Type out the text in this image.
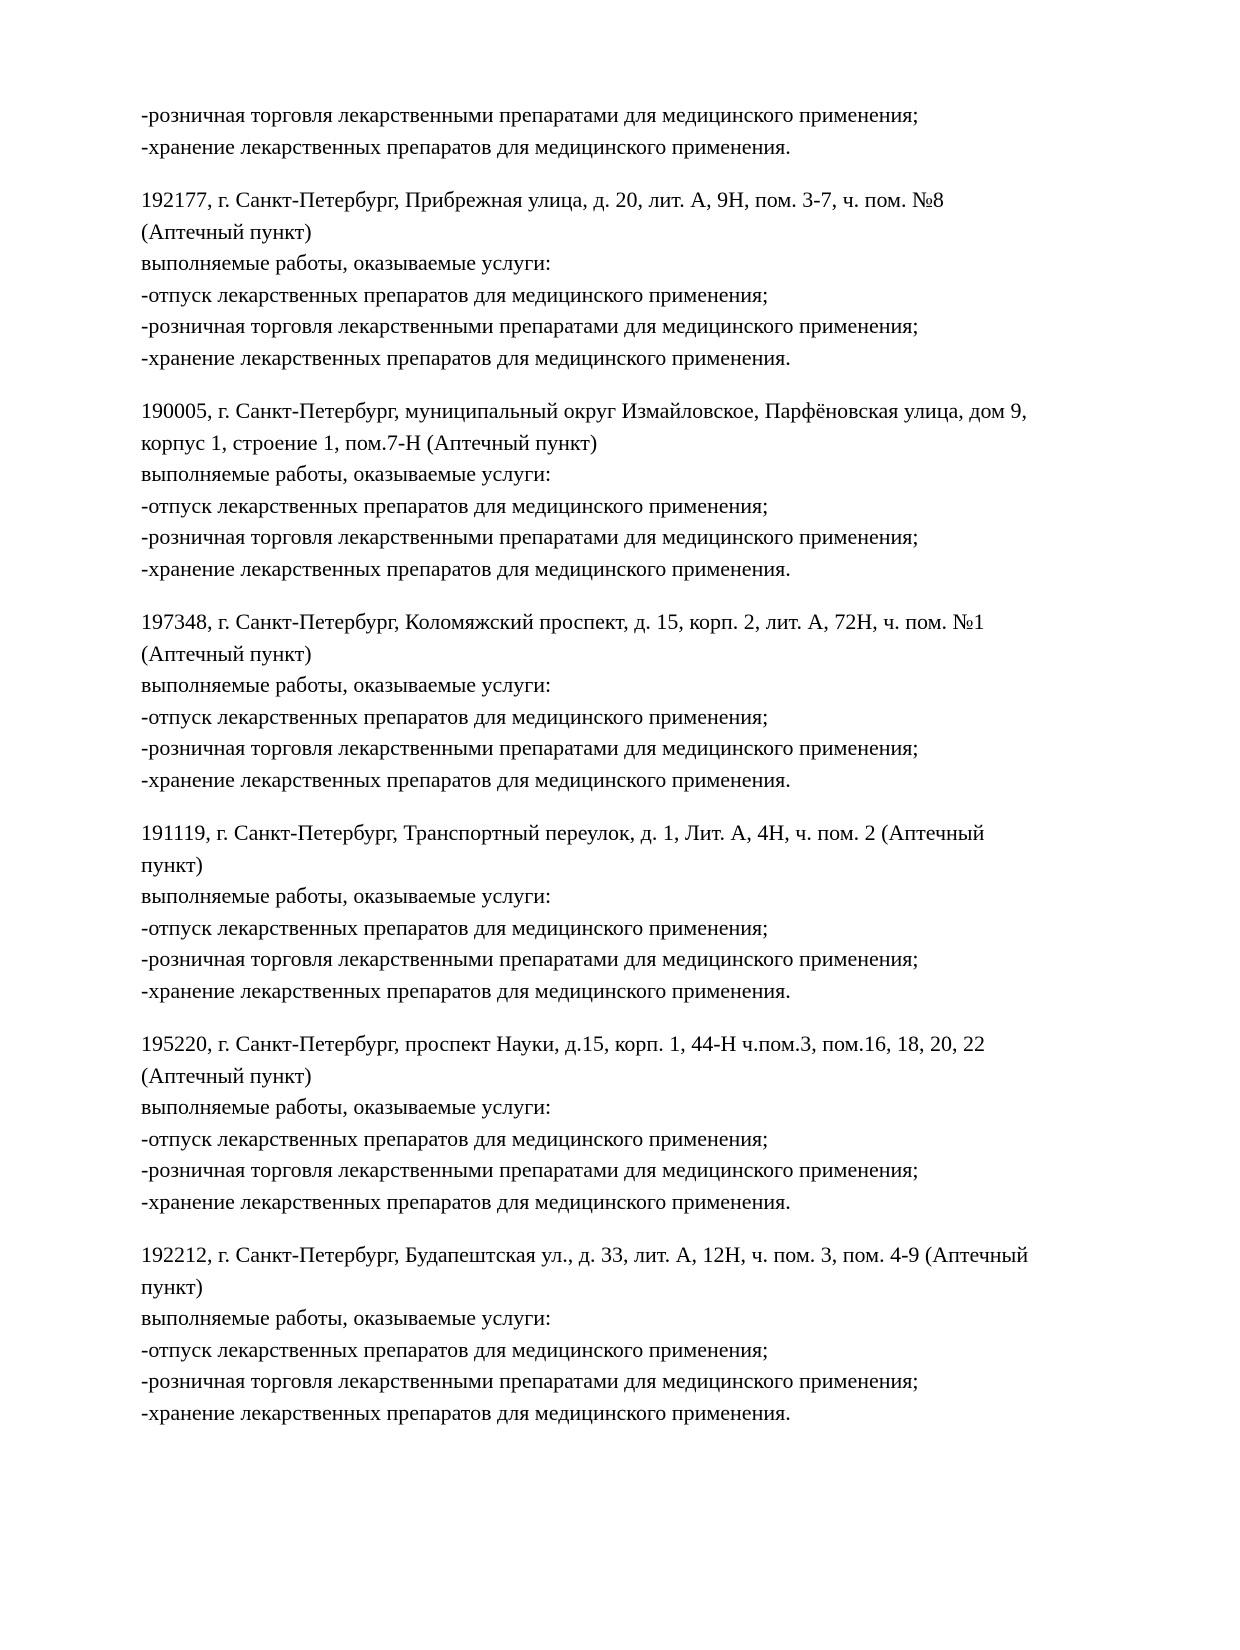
-розничная торговля лекарственными препаратами для медицинского применения;
-хранение лекарственных препаратов для медицинского применения.
192177, г. Санкт-Петербург, Прибрежная улица, д. 20, лит. А, 9Н, пом. 3-7, ч. пом. №8
(Аптечный пункт)
выполняемые работы, оказываемые услуги:
-отпуск лекарственных препаратов для медицинского применения;
-розничная торговля лекарственными препаратами для медицинского применения;
-хранение лекарственных препаратов для медицинского применения.
190005, г. Санкт-Петербург, муниципальный округ Измайловское, Парфёновская улица, дом 9,
корпус 1, строение 1, пом.7-Н (Аптечный пункт)
выполняемые работы, оказываемые услуги:
-отпуск лекарственных препаратов для медицинского применения;
-розничная торговля лекарственными препаратами для медицинского применения;
-хранение лекарственных препаратов для медицинского применения.
197348, г. Санкт-Петербург, Коломяжский проспект, д. 15, корп. 2, лит. А, 72Н, ч. пом. №1
(Аптечный пункт)
выполняемые работы, оказываемые услуги:
-отпуск лекарственных препаратов для медицинского применения;
-розничная торговля лекарственными препаратами для медицинского применения;
-хранение лекарственных препаратов для медицинского применения.
191119, г. Санкт-Петербург, Транспортный переулок, д. 1, Лит. А, 4Н, ч. пом. 2 (Аптечный
пункт)
выполняемые работы, оказываемые услуги:
-отпуск лекарственных препаратов для медицинского применения;
-розничная торговля лекарственными препаратами для медицинского применения;
-хранение лекарственных препаратов для медицинского применения.
195220, г. Санкт-Петербург, проспект Науки, д.15, корп. 1, 44-Н ч.пом.3, пом.16, 18, 20, 22
(Аптечный пункт)
выполняемые работы, оказываемые услуги:
-отпуск лекарственных препаратов для медицинского применения;
-розничная торговля лекарственными препаратами для медицинского применения;
-хранение лекарственных препаратов для медицинского применения.
192212, г. Санкт-Петербург, Будапештская ул., д. 33, лит. А, 12Н, ч. пом. 3, пом. 4-9 (Аптечный
пункт)
выполняемые работы, оказываемые услуги:
-отпуск лекарственных препаратов для медицинского применения;
-розничная торговля лекарственными препаратами для медицинского применения;
-хранение лекарственных препаратов для медицинского применения.
